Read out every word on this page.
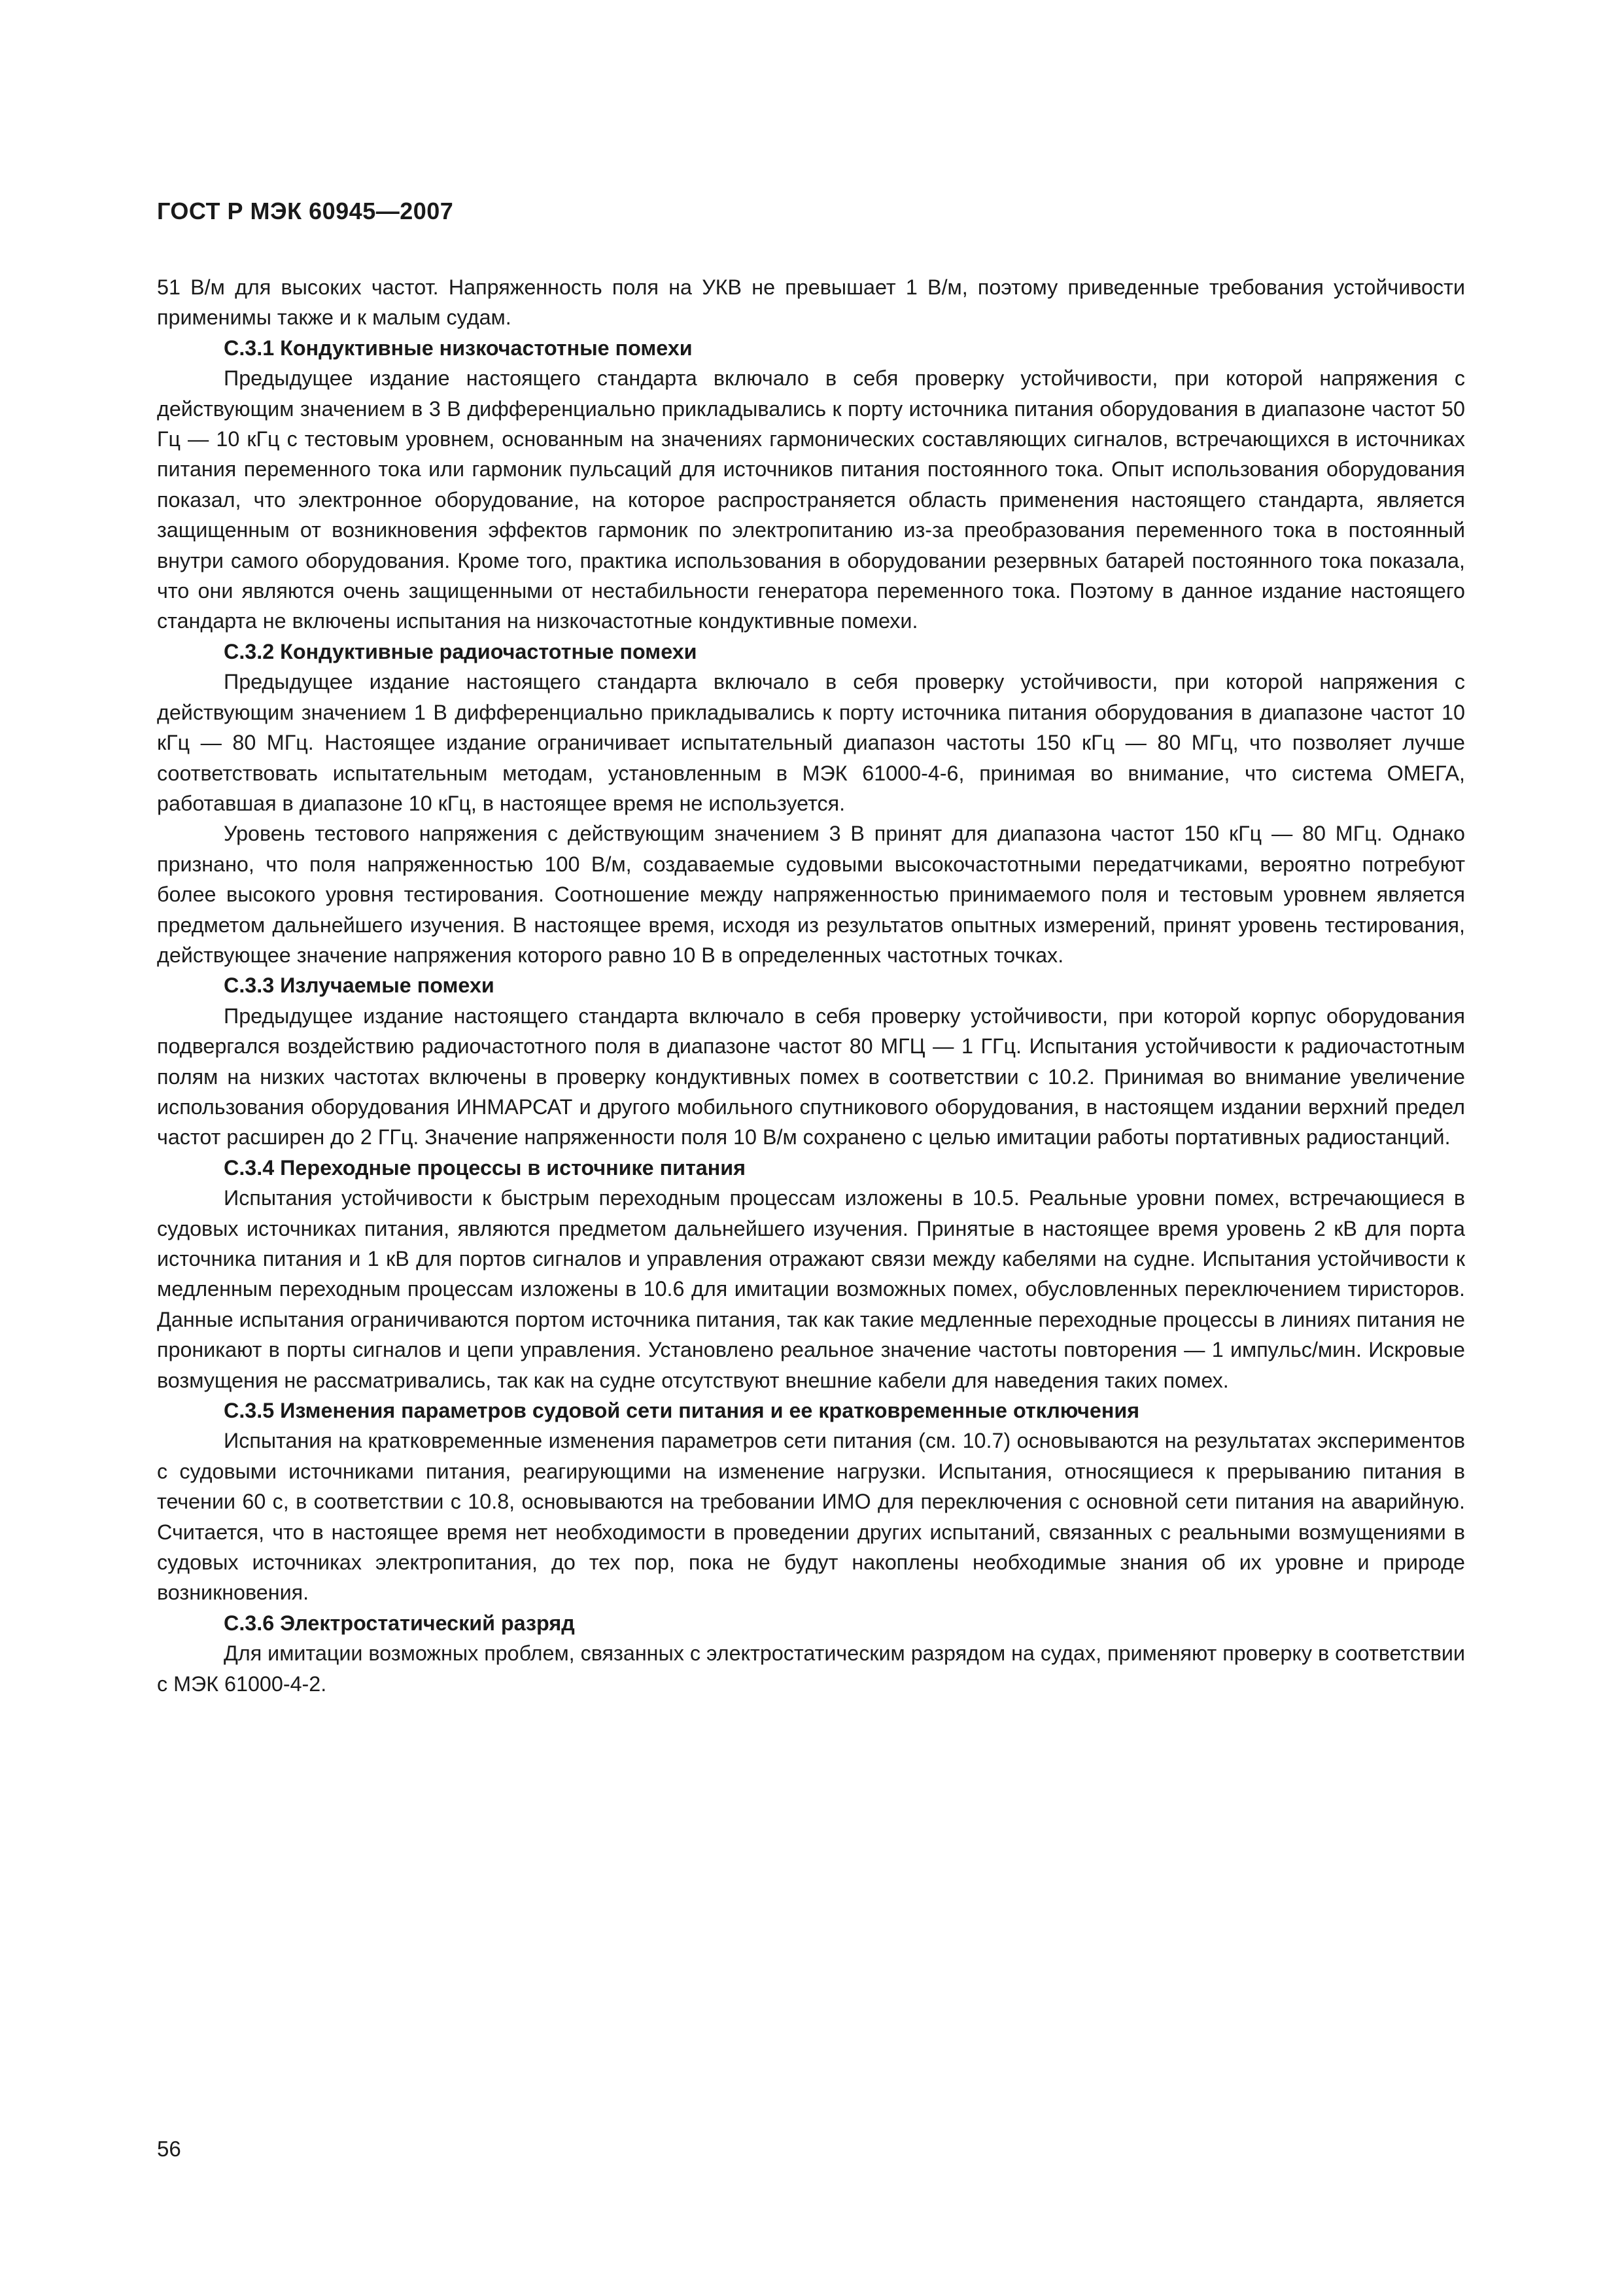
ГОСТ Р МЭК 60945—2007

51 В/м для высоких частот. Напряженность поля на УКВ не превышает 1 В/м, поэтому приведенные требования устойчивости применимы также и к малым судам.

С.3.1 Кондуктивные низкочастотные помехи

Предыдущее издание настоящего стандарта включало в себя проверку устойчивости, при которой напряжения с действующим значением в 3 В дифференциально прикладывались к порту источника питания оборудования в диапазоне частот 50 Гц — 10 кГц с тестовым уровнем, основанным на значениях гармонических составляющих сигналов, встречающихся в источниках питания переменного тока или гармоник пульсаций для источников питания постоянного тока. Опыт использования оборудования показал, что электронное оборудование, на которое распространяется область применения настоящего стандарта, является защищенным от возникновения эффектов гармоник по электропитанию из-за преобразования переменного тока в постоянный внутри самого оборудования. Кроме того, практика использования в оборудовании резервных батарей постоянного тока показала, что они являются очень защищенными от нестабильности генератора переменного тока. Поэтому в данное издание настоящего стандарта не включены испытания на низкочастотные кондуктивные помехи.

С.3.2 Кондуктивные радиочастотные помехи

Предыдущее издание настоящего стандарта включало в себя проверку устойчивости, при которой напряжения с действующим значением 1 В дифференциально прикладывались к порту источника питания оборудования в диапазоне частот 10 кГц — 80 МГц. Настоящее издание ограничивает испытательный диапазон частоты 150 кГц — 80 МГц, что позволяет лучше соответствовать испытательным методам, установленным в МЭК 61000-4-6, принимая во внимание, что система ОМЕГА, работавшая в диапазоне 10 кГц, в настоящее время не используется.

Уровень тестового напряжения с действующим значением 3 В принят для диапазона частот 150 кГц — 80 МГц. Однако признано, что поля напряженностью 100 В/м, создаваемые судовыми высокочастотными передатчиками, вероятно потребуют более высокого уровня тестирования. Соотношение между напряженностью принимаемого поля и тестовым уровнем является предметом дальнейшего изучения. В настоящее время, исходя из результатов опытных измерений, принят уровень тестирования, действующее значение напряжения которого равно 10 В в определенных частотных точках.

С.3.3 Излучаемые помехи

Предыдущее издание настоящего стандарта включало в себя проверку устойчивости, при которой корпус оборудования подвергался воздействию радиочастотного поля в диапазоне частот 80 МГЦ — 1 ГГц. Испытания устойчивости к радиочастотным полям на низких частотах включены в проверку кондуктивных помех в соответствии с 10.2. Принимая во внимание увеличение использования оборудования ИНМАРСАТ и другого мобильного спутникового оборудования, в настоящем издании верхний предел частот расширен до 2 ГГц. Значение напряженности поля 10 В/м сохранено с целью имитации работы портативных радиостанций.

С.3.4 Переходные процессы в источнике питания

Испытания устойчивости к быстрым переходным процессам изложены в 10.5. Реальные уровни помех, встречающиеся в судовых источниках питания, являются предметом дальнейшего изучения. Принятые в настоящее время уровень 2 кВ для порта источника питания и 1 кВ для портов сигналов и управления отражают связи между кабелями на судне. Испытания устойчивости к медленным переходным процессам изложены в 10.6 для имитации возможных помех, обусловленных переключением тиристоров. Данные испытания ограничиваются портом источника питания, так как такие медленные переходные процессы в линиях питания не проникают в порты сигналов и цепи управления. Установлено реальное значение частоты повторения — 1 импульс/мин. Искровые возмущения не рассматривались, так как на судне отсутствуют внешние кабели для наведения таких помех.

С.3.5 Изменения параметров судовой сети питания и ее кратковременные отключения

Испытания на кратковременные изменения параметров сети питания (см. 10.7) основываются на результатах экспериментов с судовыми источниками питания, реагирующими на изменение нагрузки. Испытания, относящиеся к прерыванию питания в течении 60 с, в соответствии с 10.8, основываются на требовании ИМО для переключения с основной сети питания на аварийную. Считается, что в настоящее время нет необходимости в проведении других испытаний, связанных с реальными возмущениями в судовых источниках электропитания, до тех пор, пока не будут накоплены необходимые знания об их уровне и природе возникновения.

С.3.6 Электростатический разряд

Для имитации возможных проблем, связанных с электростатическим разрядом на судах, применяют проверку в соответствии с МЭК 61000-4-2.

56
